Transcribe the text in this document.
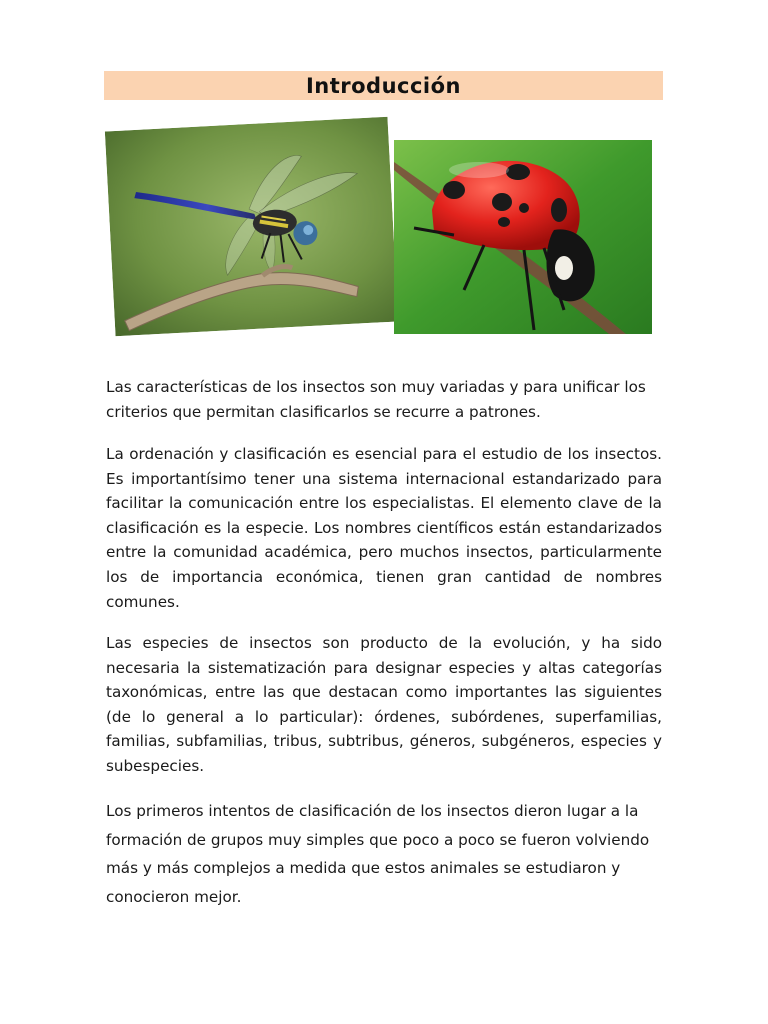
Introducción

Las características de los insectos son muy variadas y para unificar los criterios que permitan clasificarlos se recurre a patrones.

La ordenación y clasificación es esencial para el estudio de los insectos. Es importantísimo tener una sistema internacional estandarizado para facilitar la comunicación entre los especialistas. El elemento clave de la clasificación es la especie. Los nombres científicos están estandarizados entre la comunidad académica, pero muchos insectos, particularmente los de importancia económica, tienen gran cantidad de nombres comunes.

Las especies de insectos son producto de la evolución, y ha sido necesaria la sistematización para designar especies y altas categorías taxonómicas, entre las que destacan como importantes las siguientes (de lo general a lo particular): órdenes, subórdenes, superfamilias, familias, subfamilias, tribus, subtribus, géneros, subgéneros, especies y subespecies.

Los primeros intentos de clasificación de los insectos dieron lugar a la formación de grupos muy simples que poco a poco se fueron volviendo más y más complejos a medida que estos animales se estudiaron y conocieron mejor.
